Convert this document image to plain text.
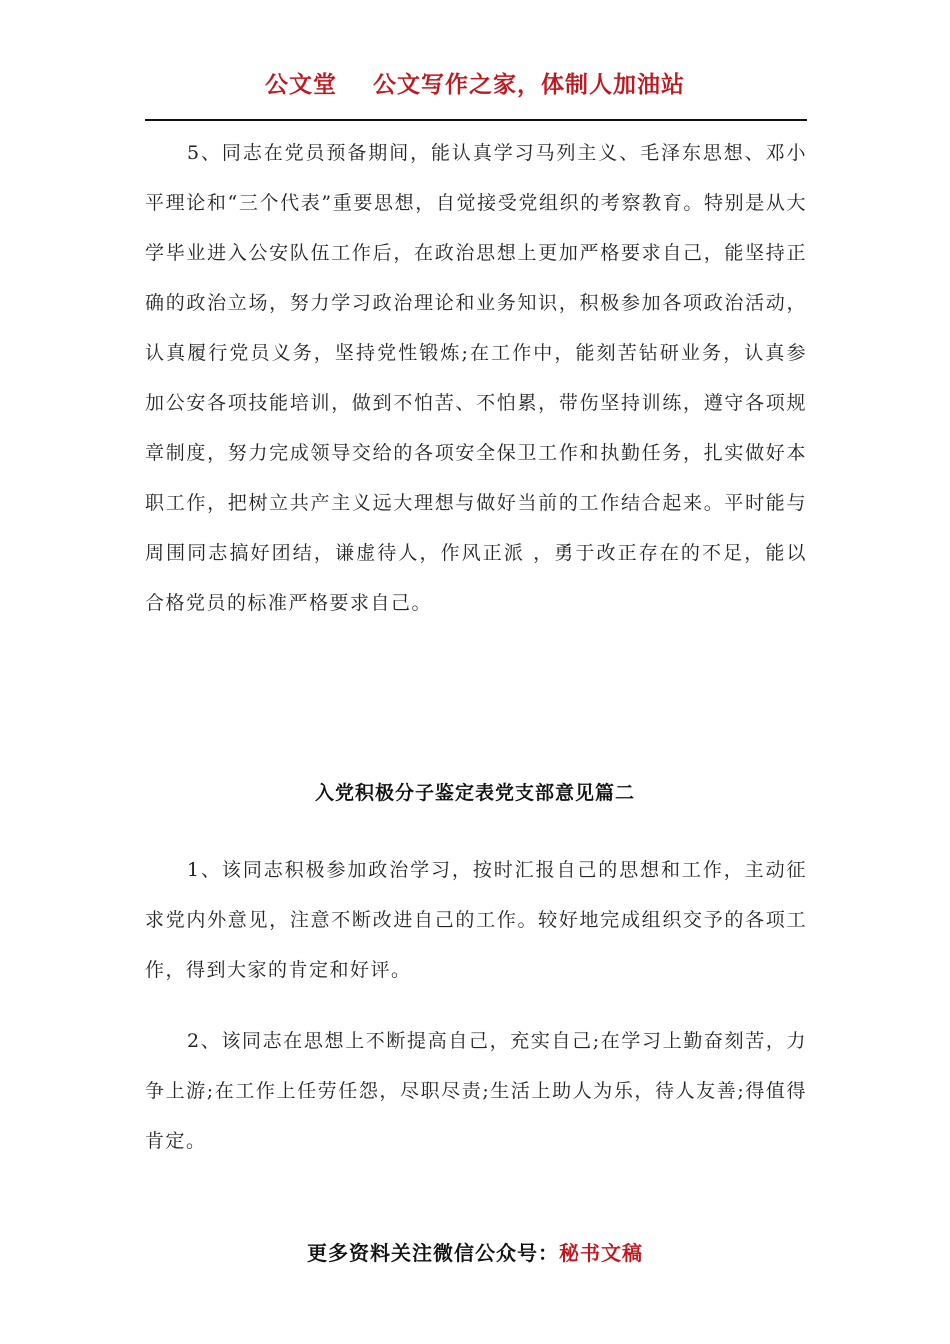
公文堂    公文写作之家，体制人加油站

5、同志在党员预备期间，能认真学习马列主义、毛泽东思想、邓小平理论和“三个代表”重要思想，自觉接受党组织的考察教育。特别是从大学毕业进入公安队伍工作后，在政治思想上更加严格要求自己，能坚持正确的政治立场，努力学习政治理论和业务知识，积极参加各项政治活动，认真履行党员义务，坚持党性锻炼;在工作中，能刻苦钻研业务，认真参加公安各项技能培训，做到不怕苦、不怕累，带伤坚持训练，遵守各项规章制度，努力完成领导交给的各项安全保卫工作和执勤任务，扎实做好本职工作，把树立共产主义远大理想与做好当前的工作结合起来。平时能与周围同志搞好团结，谦虚待人，作风正派 ，勇于改正存在的不足，能以合格党员的标准严格要求自己。

入党积极分子鉴定表党支部意见篇二

1、该同志积极参加政治学习，按时汇报自己的思想和工作，主动征求党内外意见，注意不断改进自己的工作。较好地完成组织交予的各项工作，得到大家的肯定和好评。

2、该同志在思想上不断提高自己，充实自己;在学习上勤奋刻苦，力争上游;在工作上任劳任怨，尽职尽责;生活上助人为乐，待人友善;得值得肯定。

更多资料关注微信公众号：秘书文稿
